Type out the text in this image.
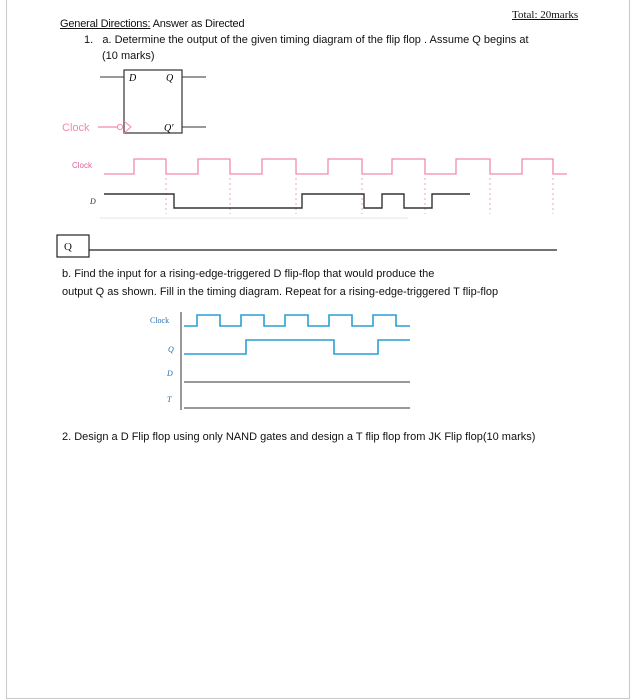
Total: 20marks
General Directions: Answer as Directed
1. a. Determine the output of the given timing diagram of the flip flop . Assume Q begins at
(10 marks)
D	Q
Q'
Clock
Clock
D
Clock
Q
D
T
Q
b. Find the input for a rising-edge-triggered D flip-flop that would produce the
output Q as shown. Fill in the timing diagram. Repeat for a rising-edge-triggered T flip-flop
2. Design a D Flip flop using only NAND gates and design a T flip flop from JK Flip flop(10 marks)
